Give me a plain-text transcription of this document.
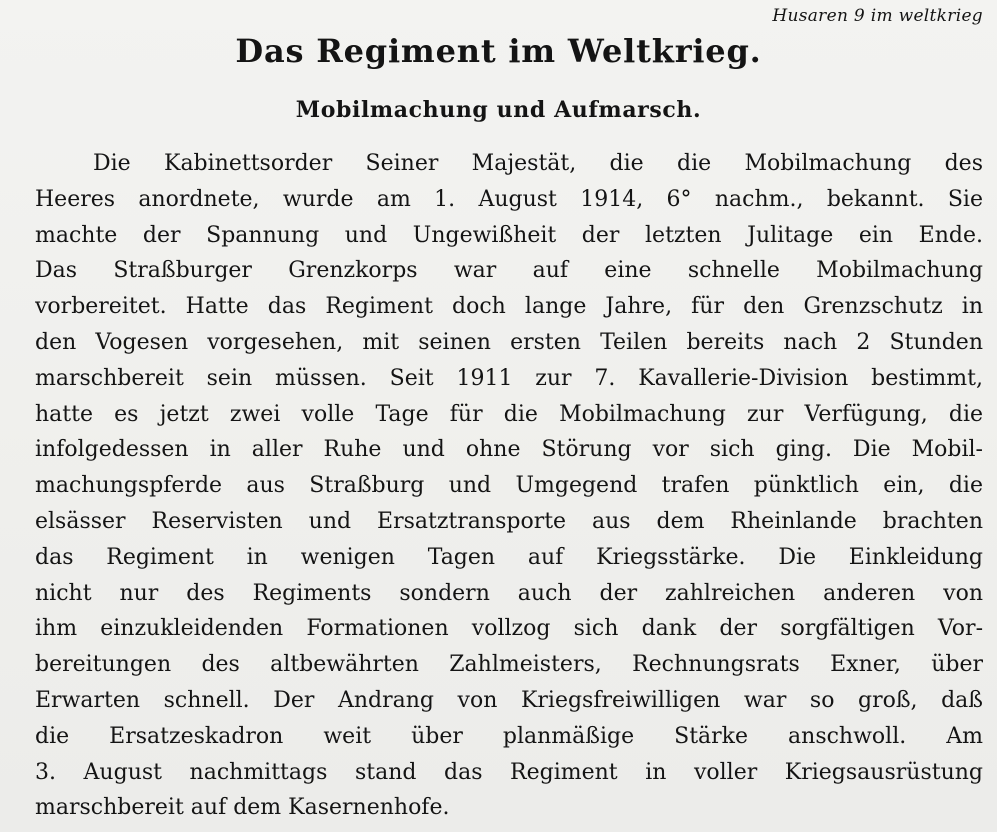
Husaren 9 im weltkrieg
Das Regiment im Weltkrieg.
Mobilmachung und Aufmarsch.
Die Kabinettsorder Seiner Majestät, die die Mobilmachung des
Heeres anordnete, wurde am 1. August 1914, 6° nachm., bekannt. Sie
machte der Spannung und Ungewißheit der letzten Julitage ein Ende.
Das Straßburger Grenzkorps war auf eine schnelle Mobilmachung
vorbereitet. Hatte das Regiment doch lange Jahre, für den Grenzschutz in
den Vogesen vorgesehen, mit seinen ersten Teilen bereits nach 2 Stunden
marschbereit sein müssen. Seit 1911 zur 7. Kavallerie-Division bestimmt,
hatte es jetzt zwei volle Tage für die Mobilmachung zur Verfügung, die
infolgedessen in aller Ruhe und ohne Störung vor sich ging. Die Mobil-
machungspferde aus Straßburg und Umgegend trafen pünktlich ein, die
elsässer Reservisten und Ersatztransporte aus dem Rheinlande brachten
das Regiment in wenigen Tagen auf Kriegsstärke. Die Einkleidung
nicht nur des Regiments sondern auch der zahlreichen anderen von
ihm einzukleidenden Formationen vollzog sich dank der sorgfältigen Vor-
bereitungen des altbewährten Zahlmeisters, Rechnungsrats Exner, über
Erwarten schnell. Der Andrang von Kriegsfreiwilligen war so groß, daß
die Ersatzeskadron weit über planmäßige Stärke anschwoll. Am
3. August nachmittags stand das Regiment in voller Kriegsausrüstung
marschbereit auf dem Kasernenhofe.
